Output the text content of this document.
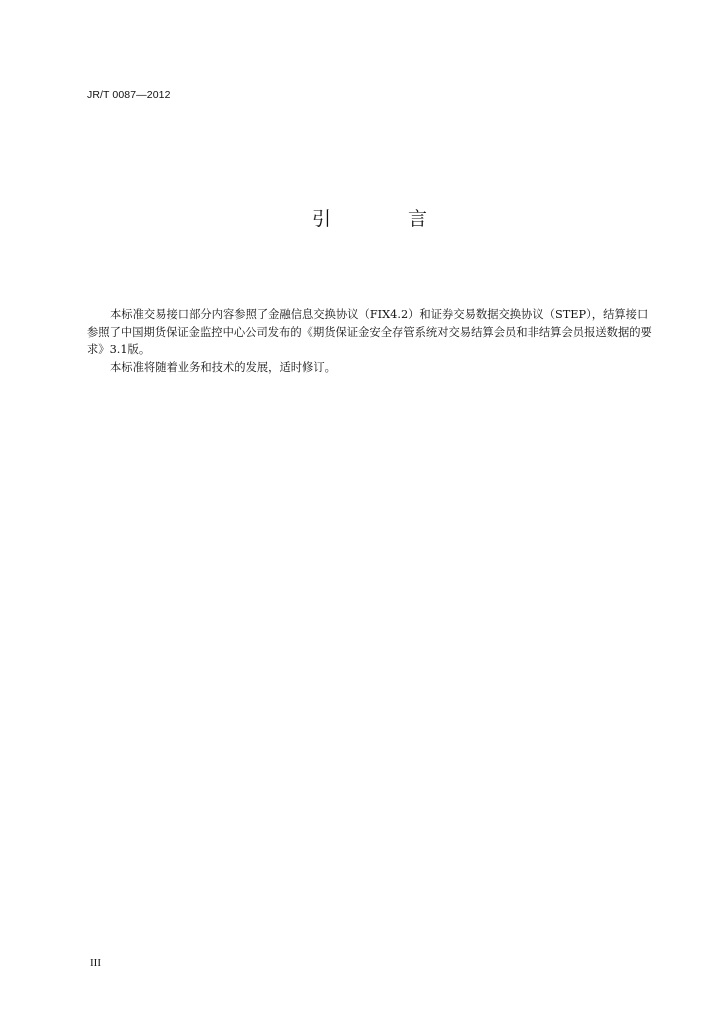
JR/T 0087—2012
引	言

本标准交易接口部分内容参照了金融信息交换协议（FIX4.2）和证券交易数据交换协议（STEP），结算接口参照了中国期货保证金监控中心公司发布的《期货保证金安全存管系统对交易结算会员和非结算会员报送数据的要求》3.1版。

本标准将随着业务和技术的发展，适时修订。

III
